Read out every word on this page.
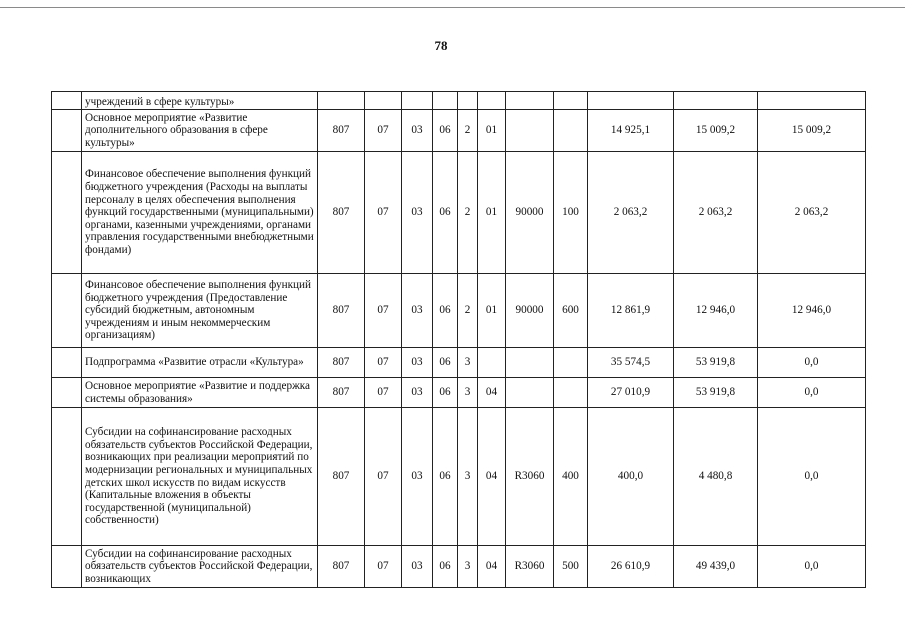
78
	учреждений в сфере культуры»											
	Основное мероприятие «Развитие дополнительного образования в сфере культуры»	807	07	03	06	2	01			14 925,1	15 009,2	15 009,2
	Финансовое обеспечение выполнения функций бюджетного учреждения (Расходы на выплаты персоналу в целях обеспечения выполнения функций государственными (муниципальными) органами, казенными учреждениями, органами управления государственными внебюджетными фондами)	807	07	03	06	2	01	90000	100	2 063,2	2 063,2	2 063,2
	Финансовое обеспечение выполнения функций бюджетного учреждения (Предоставление субсидий бюджетным, автономным учреждениям и иным некоммерческим организациям)	807	07	03	06	2	01	90000	600	12 861,9	12 946,0	12 946,0
	Подпрограмма «Развитие отрасли «Культура»	807	07	03	06	3				35 574,5	53 919,8	0,0
	Основное мероприятие «Развитие и поддержка системы образования»	807	07	03	06	3	04			27 010,9	53 919,8	0,0
	Субсидии на софинансирование расходных обязательств субъектов Российской Федерации, возникающих при реализации мероприятий по модернизации региональных и муниципальных детских школ искусств по видам искусств (Капитальные вложения в объекты государственной (муниципальной) собственности)	807	07	03	06	3	04	R3060	400	400,0	4 480,8	0,0
	Субсидии на софинансирование расходных обязательств субъектов Российской Федерации, возникающих	807	07	03	06	3	04	R3060	500	26 610,9	49 439,0	0,0
